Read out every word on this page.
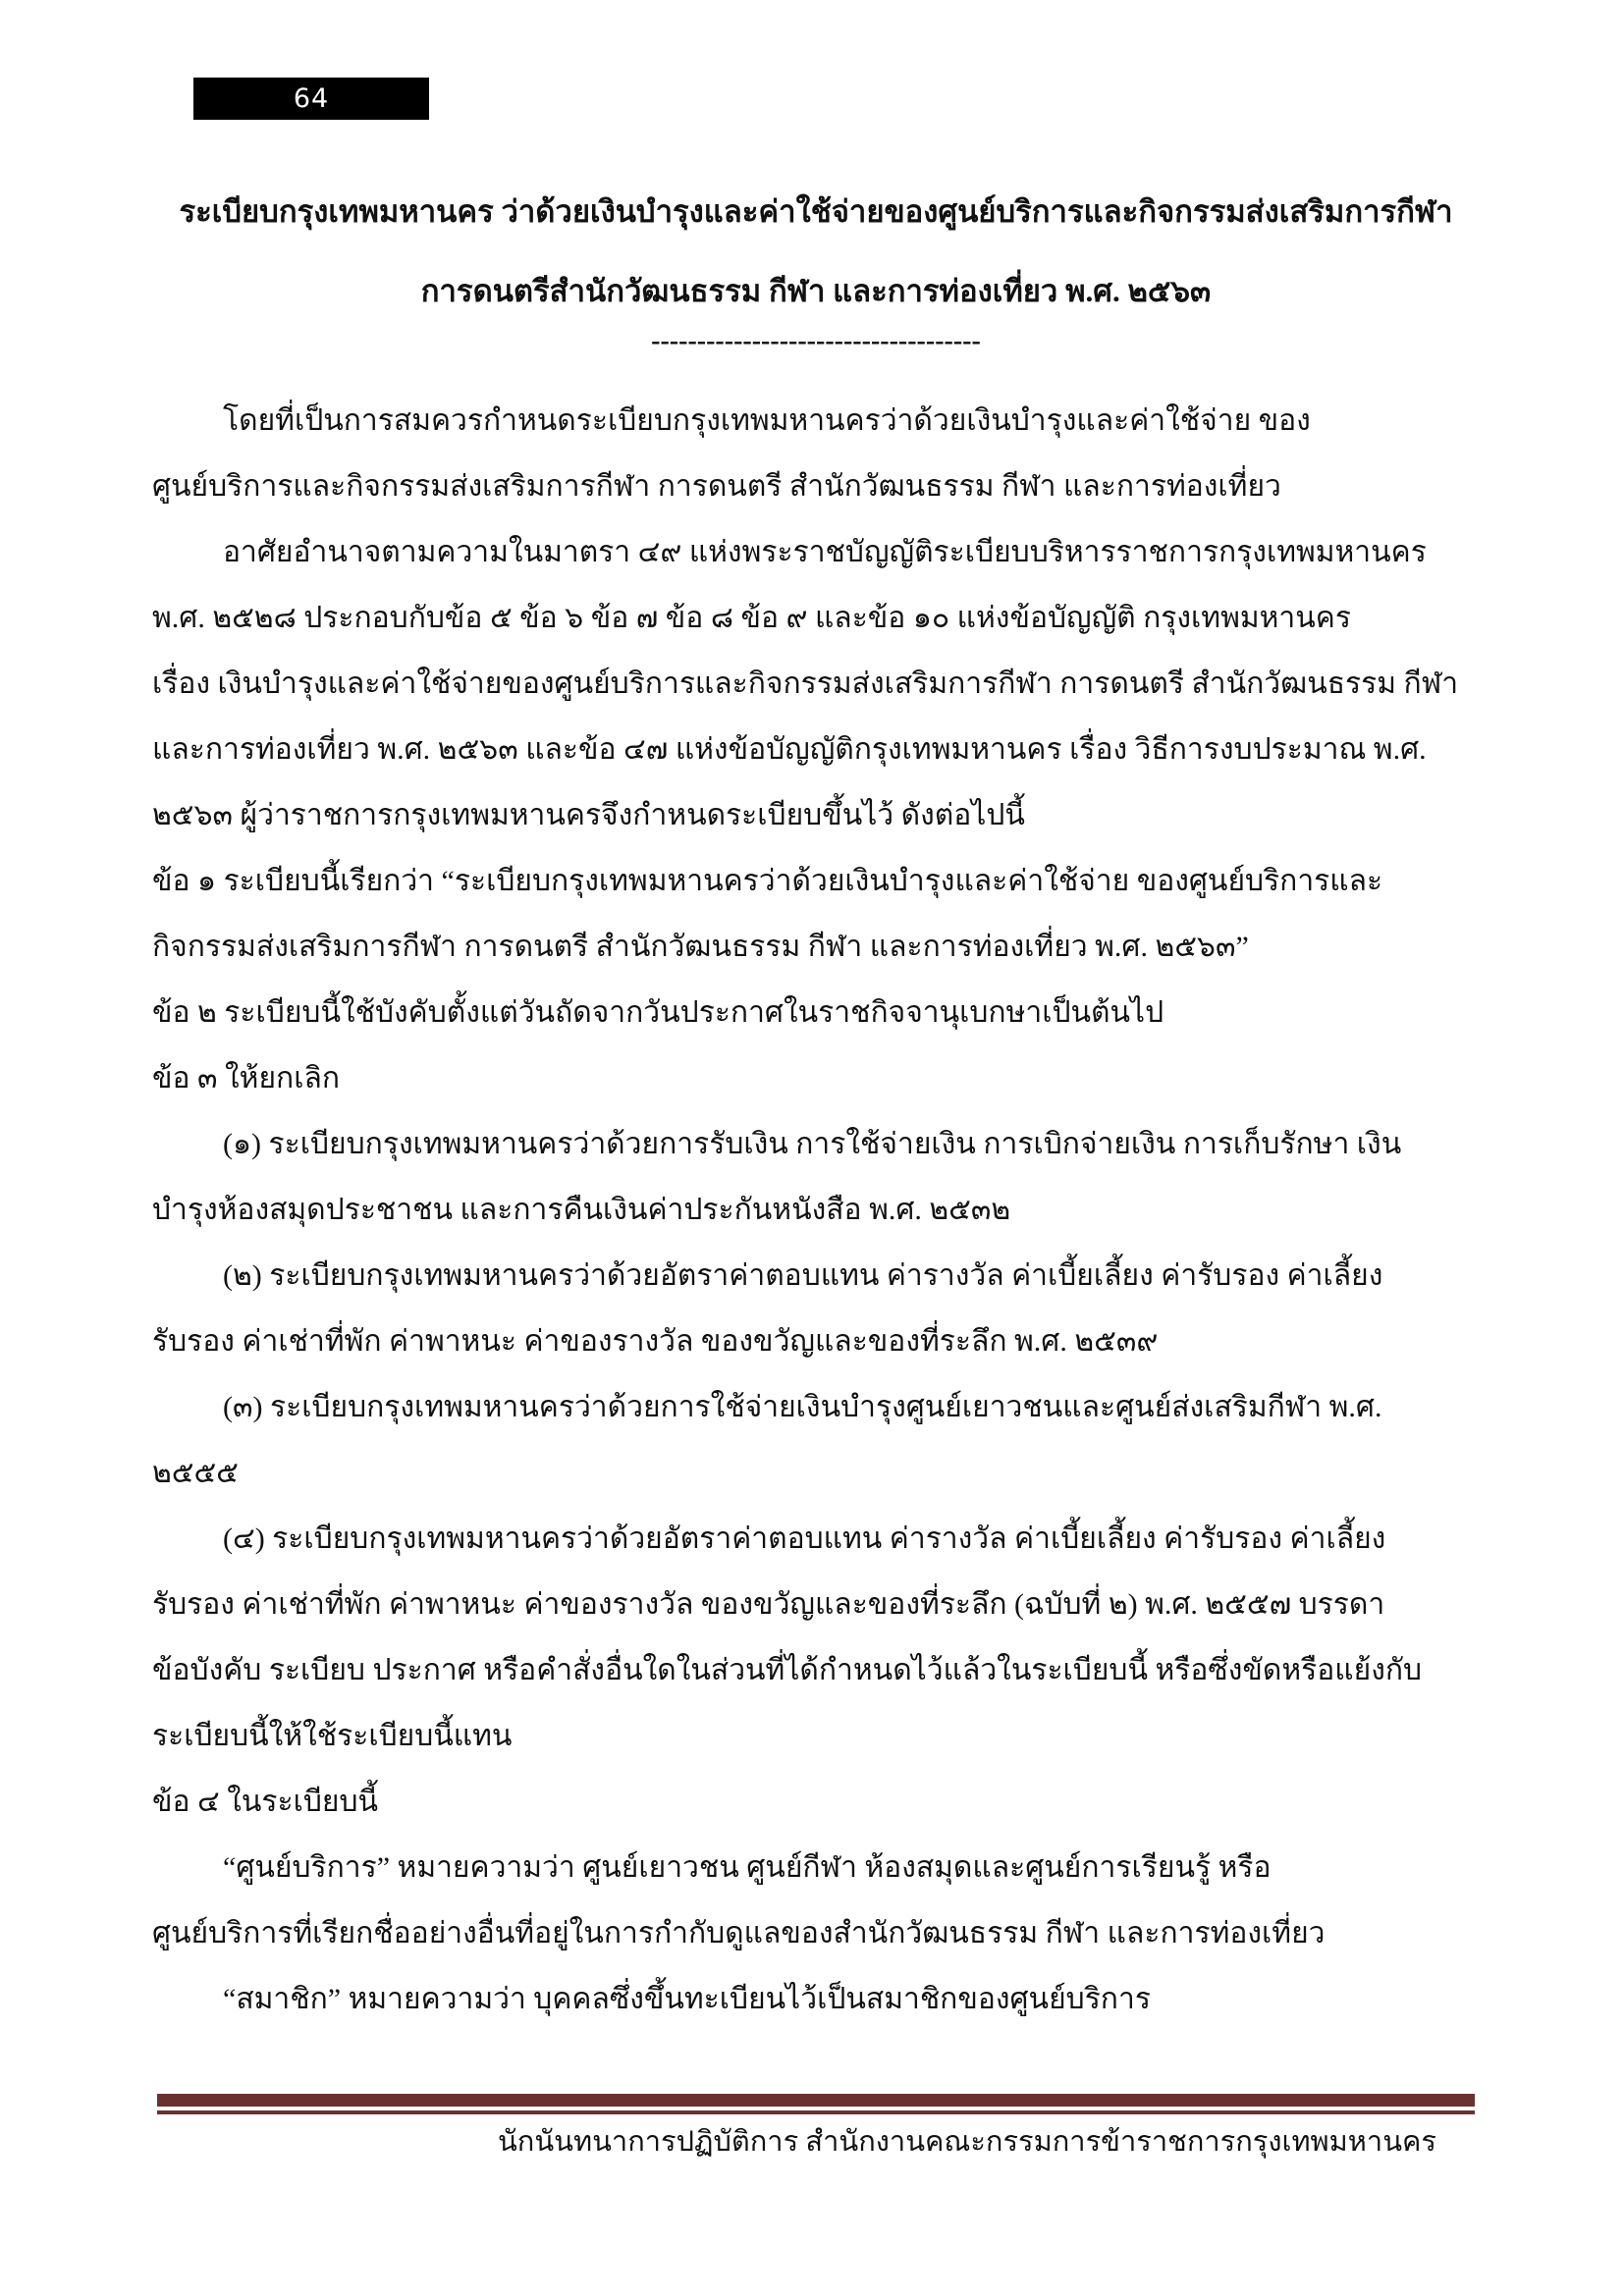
64
ระเบียบกรุงเทพมหานคร ว่าด้วยเงินบำรุงและค่าใช้จ่ายของศูนย์บริการและกิจกรรมส่งเสริมการกีฬา
การดนตรีสำนักวัฒนธรรม กีฬา และการท่องเที่ยว พ.ศ. ๒๕๖๓
------------------------------------
โดยที่เป็นการสมควรกำหนดระเบียบกรุงเทพมหานครว่าด้วยเงินบำรุงและค่าใช้จ่าย ของ
ศูนย์บริการและกิจกรรมส่งเสริมการกีฬา การดนตรี สำนักวัฒนธรรม กีฬา และการท่องเที่ยว
อาศัยอำนาจตามความในมาตรา ๔๙ แห่งพระราชบัญญัติระเบียบบริหารราชการกรุงเทพมหานคร
พ.ศ. ๒๕๒๘ ประกอบกับข้อ ๕ ข้อ ๖ ข้อ ๗ ข้อ ๘ ข้อ ๙ และข้อ ๑๐ แห่งข้อบัญญัติ กรุงเทพมหานคร
เรื่อง เงินบำรุงและค่าใช้จ่ายของศูนย์บริการและกิจกรรมส่งเสริมการกีฬา การดนตรี สำนักวัฒนธรรม กีฬา
และการท่องเที่ยว พ.ศ. ๒๕๖๓ และข้อ ๔๗ แห่งข้อบัญญัติกรุงเทพมหานคร เรื่อง วิธีการงบประมาณ พ.ศ.
๒๕๖๓ ผู้ว่าราชการกรุงเทพมหานครจึงกำหนดระเบียบขึ้นไว้ ดังต่อไปนี้
ข้อ ๑ ระเบียบนี้เรียกว่า “ระเบียบกรุงเทพมหานครว่าด้วยเงินบำรุงและค่าใช้จ่าย ของศูนย์บริการและ
กิจกรรมส่งเสริมการกีฬา การดนตรี สำนักวัฒนธรรม กีฬา และการท่องเที่ยว พ.ศ. ๒๕๖๓”
ข้อ ๒ ระเบียบนี้ใช้บังคับตั้งแต่วันถัดจากวันประกาศในราชกิจจานุเบกษาเป็นต้นไป
ข้อ ๓ ให้ยกเลิก
(๑) ระเบียบกรุงเทพมหานครว่าด้วยการรับเงิน การใช้จ่ายเงิน การเบิกจ่ายเงิน การเก็บรักษา เงิน
บำรุงห้องสมุดประชาชน และการคืนเงินค่าประกันหนังสือ พ.ศ. ๒๕๓๒
(๒) ระเบียบกรุงเทพมหานครว่าด้วยอัตราค่าตอบแทน ค่ารางวัล ค่าเบี้ยเลี้ยง ค่ารับรอง ค่าเลี้ยง
รับรอง ค่าเช่าที่พัก ค่าพาหนะ ค่าของรางวัล ของขวัญและของที่ระลึก พ.ศ. ๒๕๓๙
(๓) ระเบียบกรุงเทพมหานครว่าด้วยการใช้จ่ายเงินบำรุงศูนย์เยาวชนและศูนย์ส่งเสริมกีฬา พ.ศ.
๒๕๕๕
(๔) ระเบียบกรุงเทพมหานครว่าด้วยอัตราค่าตอบแทน ค่ารางวัล ค่าเบี้ยเลี้ยง ค่ารับรอง ค่าเลี้ยง
รับรอง ค่าเช่าที่พัก ค่าพาหนะ ค่าของรางวัล ของขวัญและของที่ระลึก (ฉบับที่ ๒) พ.ศ. ๒๕๕๗ บรรดา
ข้อบังคับ ระเบียบ ประกาศ หรือคำสั่งอื่นใดในส่วนที่ได้กำหนดไว้แล้วในระเบียบนี้ หรือซึ่งขัดหรือแย้งกับ
ระเบียบนี้ให้ใช้ระเบียบนี้แทน
ข้อ ๔ ในระเบียบนี้
“ศูนย์บริการ” หมายความว่า ศูนย์เยาวชน ศูนย์กีฬา ห้องสมุดและศูนย์การเรียนรู้ หรือ
ศูนย์บริการที่เรียกชื่ออย่างอื่นที่อยู่ในการกำกับดูแลของสำนักวัฒนธรรม กีฬา และการท่องเที่ยว
“สมาชิก” หมายความว่า บุคคลซึ่งขึ้นทะเบียนไว้เป็นสมาชิกของศูนย์บริการ
นักนันทนาการปฏิบัติการ สำนักงานคณะกรรมการข้าราชการกรุงเทพมหานคร
